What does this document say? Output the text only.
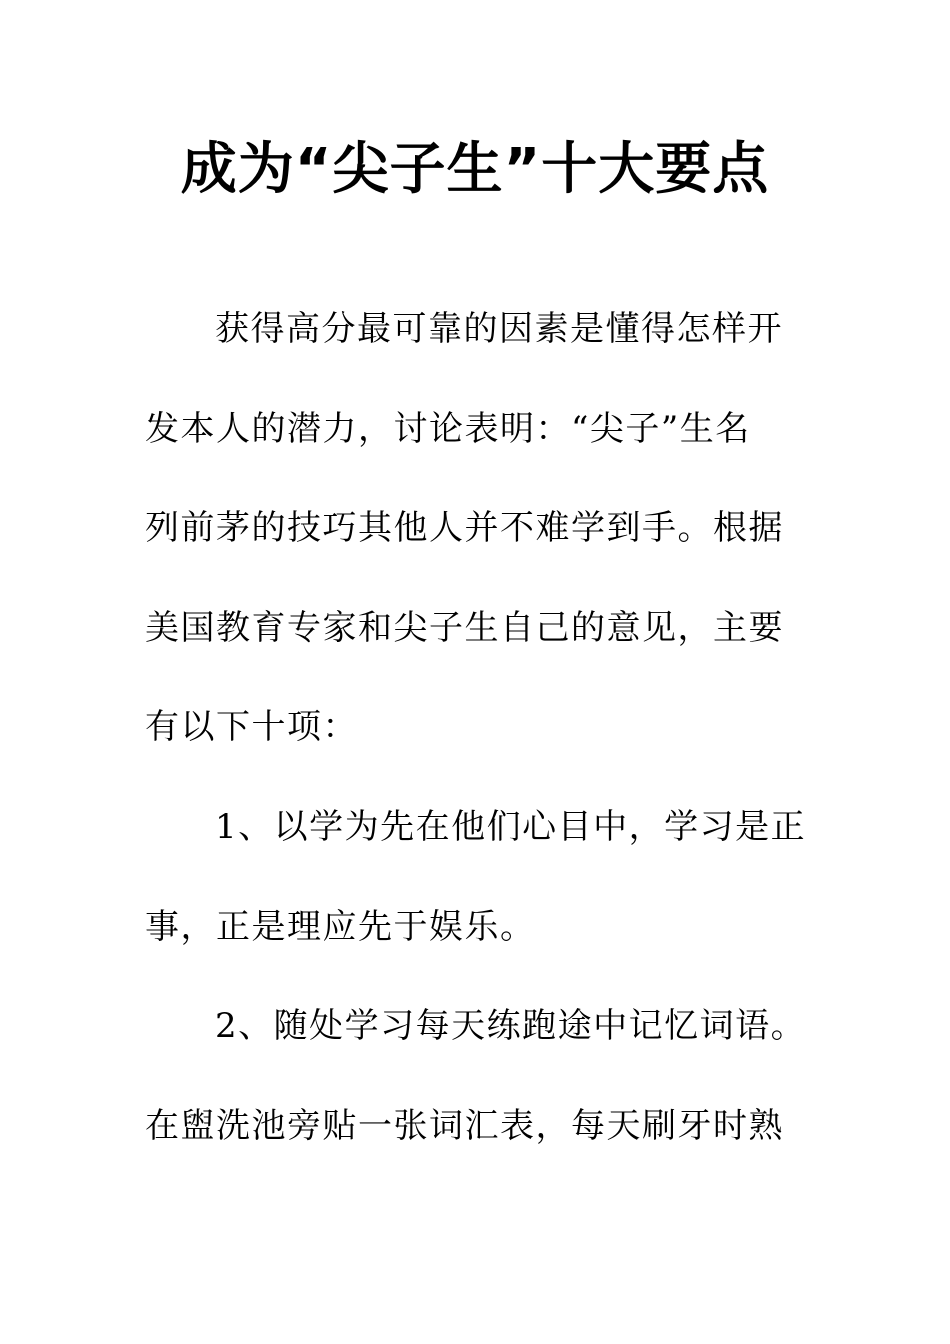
成为“尖子生”十大要点
获得高分最可靠的因素是懂得怎样开
发本人的潜力，讨论表明：“尖子”生名
列前茅的技巧其他人并不难学到手。根据
美国教育专家和尖子生自己的意见，主要
有以下十项：
1、以学为先在他们心目中，学习是正
事，正是理应先于娱乐。
2、随处学习每天练跑途中记忆词语。
在盥洗池旁贴一张词汇表，每天刷牙时熟
